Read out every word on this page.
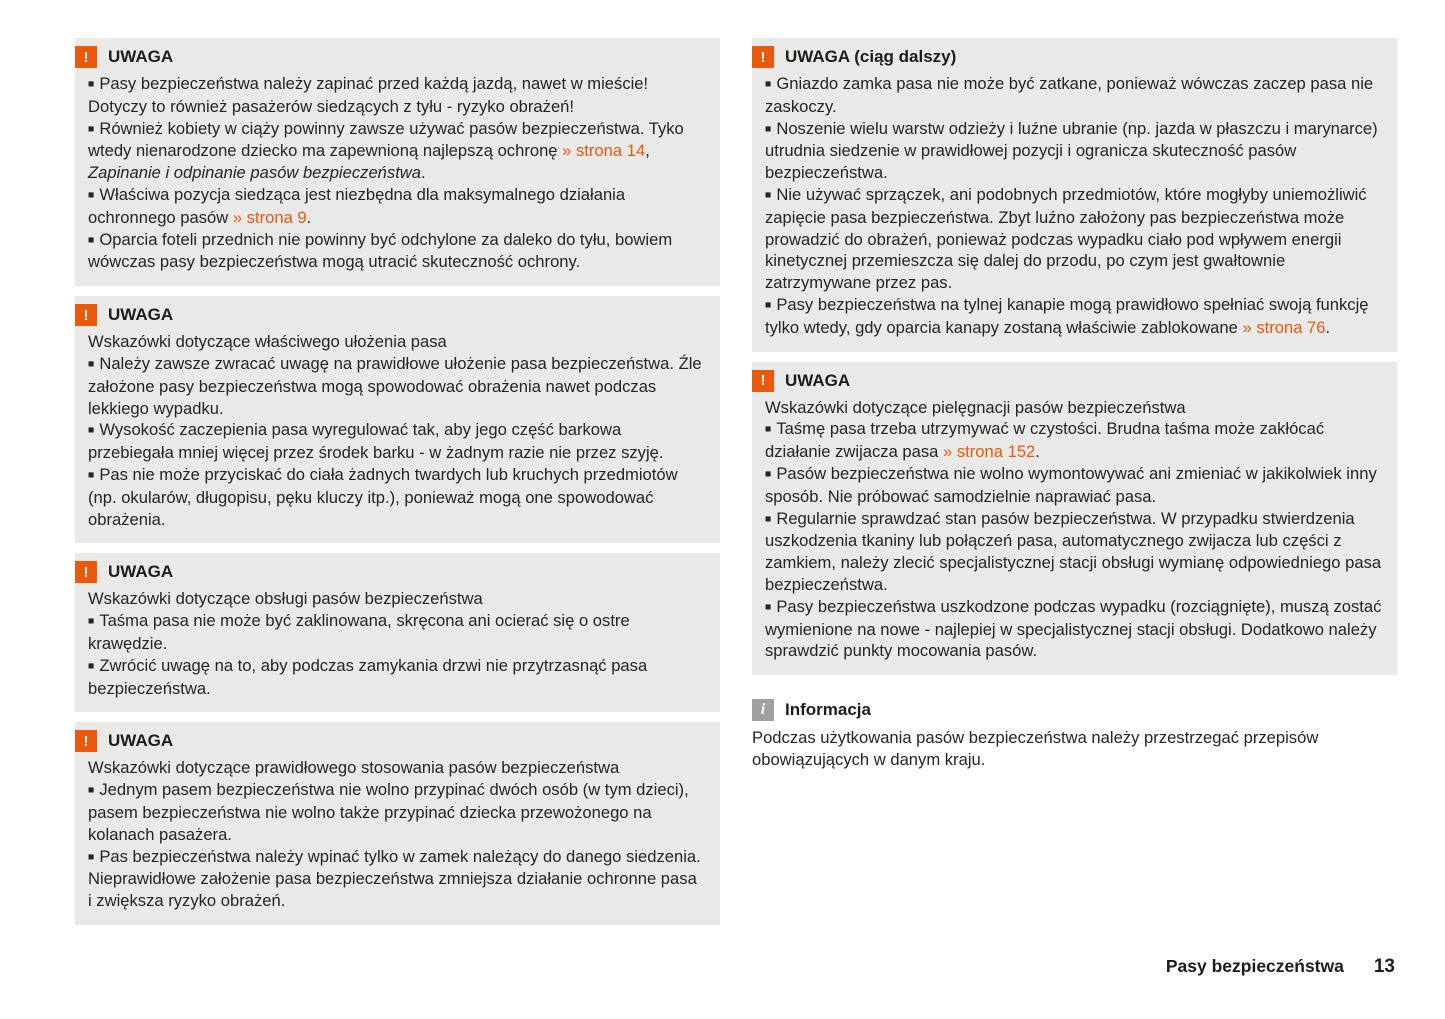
!	UWAGA

■ Pasy bezpieczeństwa należy zapinać przed każdą jazdą, nawet w mieście! Dotyczy to również pasażerów siedzących z tyłu - ryzyko obrażeń!

■ Również kobiety w ciąży powinny zawsze używać pasów bezpieczeństwa. Tyko wtedy nienarodzone dziecko ma zapewnioną najlepszą ochronę » strona 14, Zapinanie i odpinanie pasów bezpieczeństwa.

■ Właściwa pozycja siedząca jest niezbędna dla maksymalnego działania ochronnego pasów » strona 9.

■ Oparcia foteli przednich nie powinny być odchylone za daleko do tyłu, bowiem wówczas pasy bezpieczeństwa mogą utracić skuteczność ochrony.

!	UWAGA

Wskazówki dotyczące właściwego ułożenia pasa

■ Należy zawsze zwracać uwagę na prawidłowe ułożenie pasa bezpieczeństwa. Źle założone pasy bezpieczeństwa mogą spowodować obrażenia nawet podczas lekkiego wypadku.

■ Wysokość zaczepienia pasa wyregulować tak, aby jego część barkowa przebiegała mniej więcej przez środek barku - w żadnym razie nie przez szyję.

■ Pas nie może przyciskać do ciała żadnych twardych lub kruchych przedmiotów (np. okularów, długopisu, pęku kluczy itp.), ponieważ mogą one spowodować obrażenia.

!	UWAGA

Wskazówki dotyczące obsługi pasów bezpieczeństwa

■ Taśma pasa nie może być zaklinowana, skręcona ani ocierać się o ostre krawędzie.

■ Zwrócić uwagę na to, aby podczas zamykania drzwi nie przytrzasnąć pasa bezpieczeństwa.

!	UWAGA

Wskazówki dotyczące prawidłowego stosowania pasów bezpieczeństwa

■ Jednym pasem bezpieczeństwa nie wolno przypinać dwóch osób (w tym dzieci), pasem bezpieczeństwa nie wolno także przypinać dziecka przewożonego na kolanach pasażera.

■ Pas bezpieczeństwa należy wpinać tylko w zamek należący do danego siedzenia. Nieprawidłowe założenie pasa bezpieczeństwa zmniejsza działanie ochronne pasa i zwiększa ryzyko obrażeń.

!	UWAGA (ciąg dalszy)

■ Gniazdo zamka pasa nie może być zatkane, ponieważ wówczas zaczep pasa nie zaskoczy.

■ Noszenie wielu warstw odzieży i luźne ubranie (np. jazda w płaszczu i marynarce) utrudnia siedzenie w prawidłowej pozycji i ogranicza skuteczność pasów bezpieczeństwa.

■ Nie używać sprzączek, ani podobnych przedmiotów, które mogłyby uniemożliwić zapięcie pasa bezpieczeństwa. Zbyt luźno założony pas bezpieczeństwa może prowadzić do obrażeń, ponieważ podczas wypadku ciało pod wpływem energii kinetycznej przemieszcza się dalej do przodu, po czym jest gwałtownie zatrzymywane przez pas.

■ Pasy bezpieczeństwa na tylnej kanapie mogą prawidłowo spełniać swoją funkcję tylko wtedy, gdy oparcia kanapy zostaną właściwie zablokowane » strona 76.

!	UWAGA

Wskazówki dotyczące pielęgnacji pasów bezpieczeństwa

■ Taśmę pasa trzeba utrzymywać w czystości. Brudna taśma może zakłócać działanie zwijacza pasa » strona 152.

■ Pasów bezpieczeństwa nie wolno wymontowywać ani zmieniać w jakikolwiek inny sposób. Nie próbować samodzielnie naprawiać pasa.

■ Regularnie sprawdzać stan pasów bezpieczeństwa. W przypadku stwierdzenia uszkodzenia tkaniny lub połączeń pasa, automatycznego zwijacza lub części z zamkiem, należy zlecić specjalistycznej stacji obsługi wymianę odpowiedniego pasa bezpieczeństwa.

■ Pasy bezpieczeństwa uszkodzone podczas wypadku (rozciągnięte), muszą zostać wymienione na nowe - najlepiej w specjalistycznej stacji obsługi. Dodatkowo należy sprawdzić punkty mocowania pasów.

i	Informacja

Podczas użytkowania pasów bezpieczeństwa należy przestrzegać przepisów obowiązujących w danym kraju.

Pasy bezpieczeństwa 13
